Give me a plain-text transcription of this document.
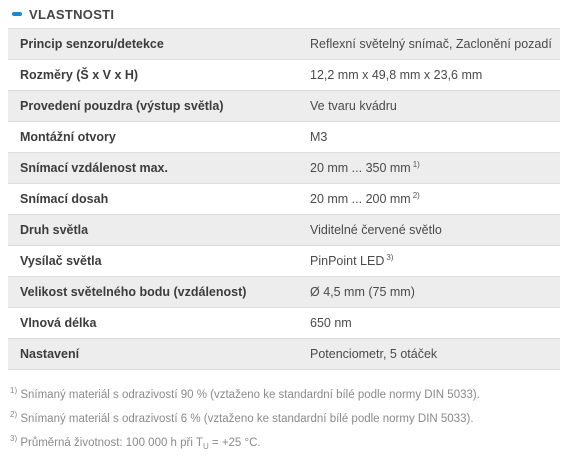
VLASTNOSTI
Princip senzoru/detekce	Reflexní světelný snímač, Zaclonění pozadí
Rozměry (Š x V x H)	12,2 mm x 49,8 mm x 23,6 mm
Provedení pouzdra (výstup světla)	Ve tvaru kvádru
Montážní otvory	M3
Snímací vzdálenost max.	20 mm ... 350 mm $^{1)}$
Snímací dosah	20 mm ... 200 mm $^{2)}$
Druh světla	Viditelné červené světlo
Vysílač světla	PinPoint LED $^{3)}$
Velikost světelného bodu (vzdálenost)	Ø 4,5 mm (75 mm)
Vlnová délka	650 nm
Nastavení	Potenciometr, 5 otáček
$^{1)}$ Snímaný materiál s odrazivostí 90 % (vztaženo ke standardní bílé podle normy DIN 5033).
$^{2)}$ Snímaný materiál s odrazivostí 6 % (vztaženo ke standardní bílé podle normy DIN 5033).
$^{3)}$ Průměrná životnost: 100 000 h při $T_U = +25$ °C.
